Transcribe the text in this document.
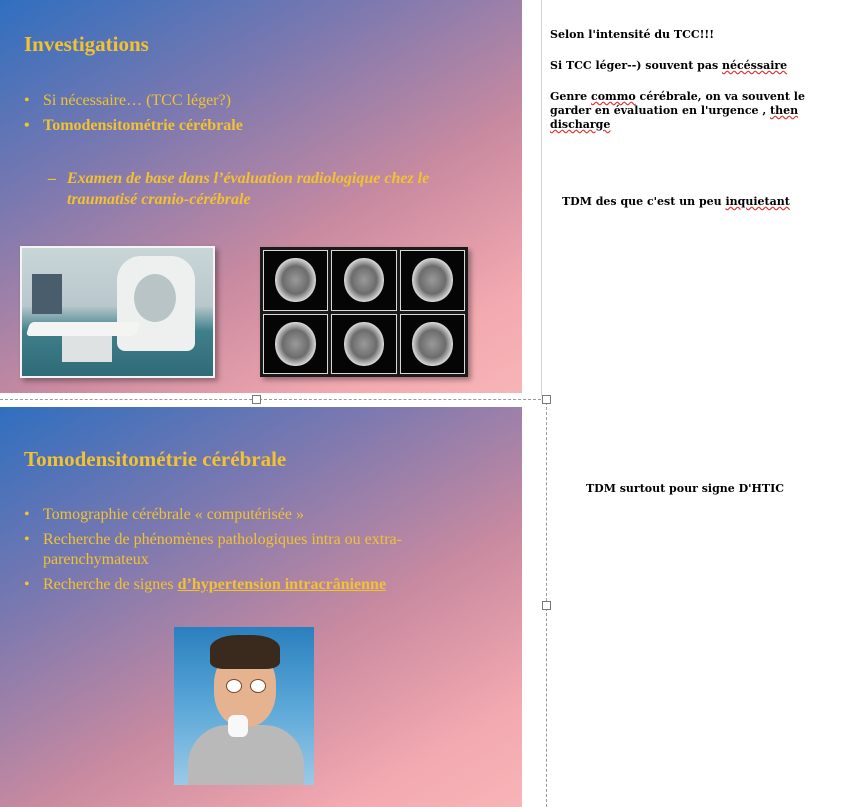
Investigations
• Si nécessaire… (TCC léger?)
• Tomodensitométrie cérébrale
– Examen de base dans l’évaluation radiologique chez le traumatisé cranio-cérébrale

Selon l'intensité du TCC!!!

Si TCC léger--) souvent pas nécéssaire

Genre commo cérébrale, on va souvent le garder en évaluation en l'urgence , then discharge

TDM des que c'est un peu inquietant

Tomodensitométrie cérébrale
• Tomographie cérébrale « computérisée »
• Recherche de phénomènes pathologiques intra ou extra-parenchymateux
• Recherche de signes d’hypertension intracrânienne

TDM surtout pour signe D'HTIC
